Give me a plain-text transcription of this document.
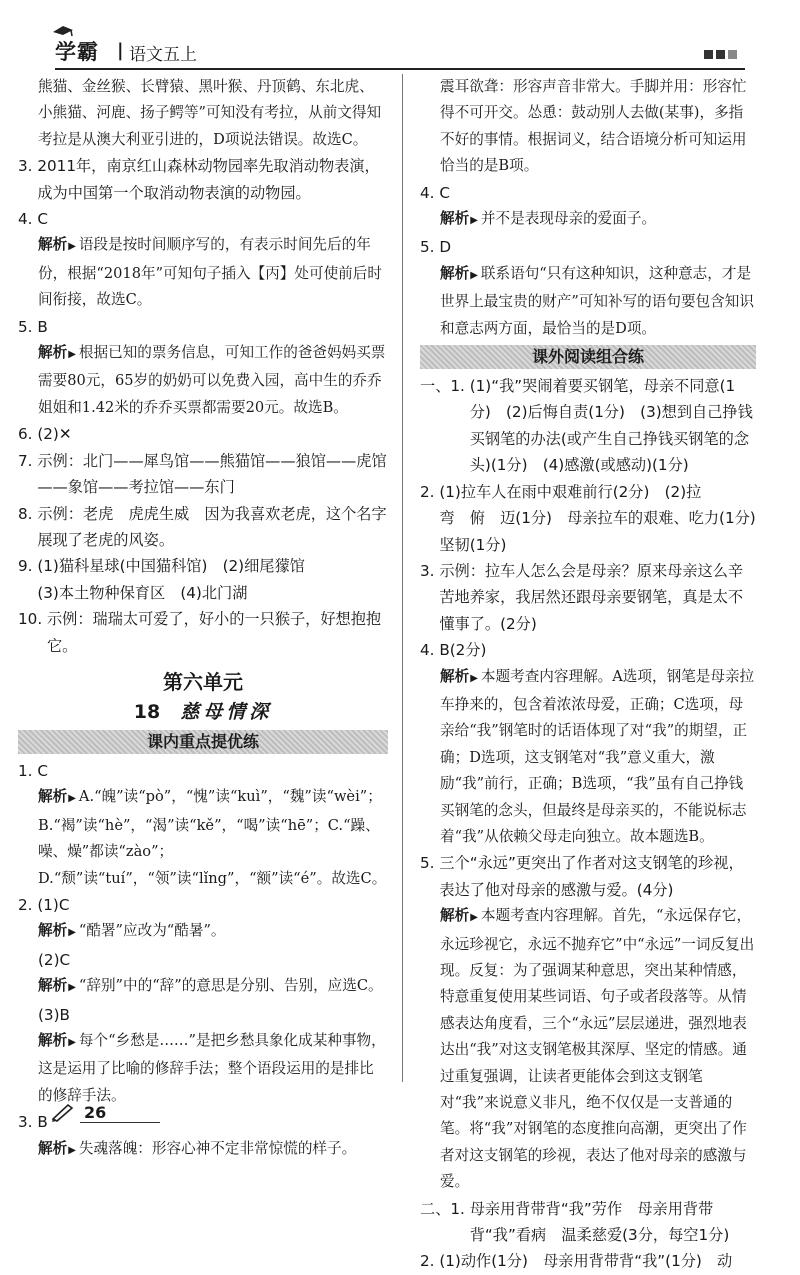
学霸 | 语文五上
熊猫、金丝猴、长臂猿、黑叶猴、丹顶鹤、东北虎、小熊猫、河鹿、扬子鳄等”可知没有考拉，从前文得知考拉是从澳大利亚引进的，D项说法错误。故选C。
3. 2011年，南京红山森林动物园率先取消动物表演，成为中国第一个取消动物表演的动物园。
4. C
解析▶ 语段是按时间顺序写的，有表示时间先后的年份，根据“2018年”可知句子插入【丙】处可使前后时间衔接，故选C。
5. B
解析▶ 根据已知的票务信息，可知工作的爸爸妈妈买票需要80元，65岁的奶奶可以免费入园，高中生的乔乔姐姐和1.42米的乔乔买票都需要20元。故选B。
6. (2)✕
7. 示例：北门——犀鸟馆——熊猫馆——狼馆——虎馆——象馆——考拉馆——东门
8. 示例：老虎　虎虎生威　因为我喜欢老虎，这个名字展现了老虎的风姿。
9. (1)猫科星球(中国猫科馆)　(2)细尾獴馆
(3)本土物种保育区　(4)北门湖
10. 示例：瑞瑞太可爱了，好小的一只猴子，好想抱抱它。
第六单元
18 慈母情深
课内重点提优练
1. C
解析▶ A.“魄”读“pò”，“愧”读“kuì”，“魏”读“wèi”；B.“褐”读“hè”，“渴”读“kě”，“喝”读“hē”；C.“躁、噪、燥”都读“zào”；D.“颓”读“tuí”，“领”读“lǐng”，“额”读“é”。故选C。
2. (1)C
解析▶ “酷署”应改为“酷暑”。
(2)C
解析▶ “辞别”中的“辞”的意思是分别、告别，应选C。
(3)B
解析▶ 每个“乡愁是……”是把乡愁具象化成某种事物，这是运用了比喻的修辞手法；整个语段运用的是排比的修辞手法。
3. B
解析▶ 失魂落魄：形容心神不定非常惊慌的样子。
震耳欲聋：形容声音非常大。手脚并用：形容忙得不可开交。怂恿：鼓动别人去做(某事)，多指不好的事情。根据词义，结合语境分析可知运用恰当的是B项。
4. C
解析▶ 并不是表现母亲的爱面子。
5. D
解析▶ 联系语句“只有这种知识，这种意志，才是世界上最宝贵的财产”可知补写的语句要包含知识和意志两方面，最恰当的是D项。
课外阅读组合练
一、1. (1)“我”哭闹着要买钢笔，母亲不同意(1分)　(2)后悔自责(1分)　(3)想到自己挣钱买钢笔的办法(或产生自己挣钱买钢笔的念头)(1分)　(4)感激(或感动)(1分)
2. (1)拉车人在雨中艰难前行(2分)　(2)拉
弯　俯　迈(1分)　母亲拉车的艰难、吃力(1分)　坚韧(1分)
3. 示例：拉车人怎么会是母亲？原来母亲这么辛苦地养家，我居然还跟母亲要钢笔，真是太不懂事了。(2分)
4. B(2分)
解析▶ 本题考查内容理解。A选项，钢笔是母亲拉车挣来的，包含着浓浓母爱，正确；C选项，母亲给“我”钢笔时的话语体现了对“我”的期望，正确；D选项，这支钢笔对“我”意义重大，激励“我”前行，正确；B选项，“我”虽有自己挣钱买钢笔的念头，但最终是母亲买的，不能说标志着“我”从依赖父母走向独立。故本题选B。
5. 三个“永远”更突出了作者对这支钢笔的珍视，表达了他对母亲的感激与爱。(4分)
解析▶ 本题考查内容理解。首先，“永远保存它，永远珍视它，永远不抛弃它”中“永远”一词反复出现。反复：为了强调某种意思，突出某种情感，特意重复使用某些词语、句子或者段落等。从情感表达角度看，三个“永远”层层递进，强烈地表达出“我”对这支钢笔极其深厚、坚定的情感。通过重复强调，让读者更能体会到这支钢笔对“我”来说意义非凡，绝不仅仅是一支普通的笔。将“我”对钢笔的态度推向高潮，更突出了作者对这支钢笔的珍视，表达了他对母亲的感激与爱。
二、1. 母亲用背带背“我”劳作　母亲用背带背“我”看病　温柔慈爱(3分，每空1分)
2. (1)动作(1分)　母亲用背带背“我”(1分)　动
26
